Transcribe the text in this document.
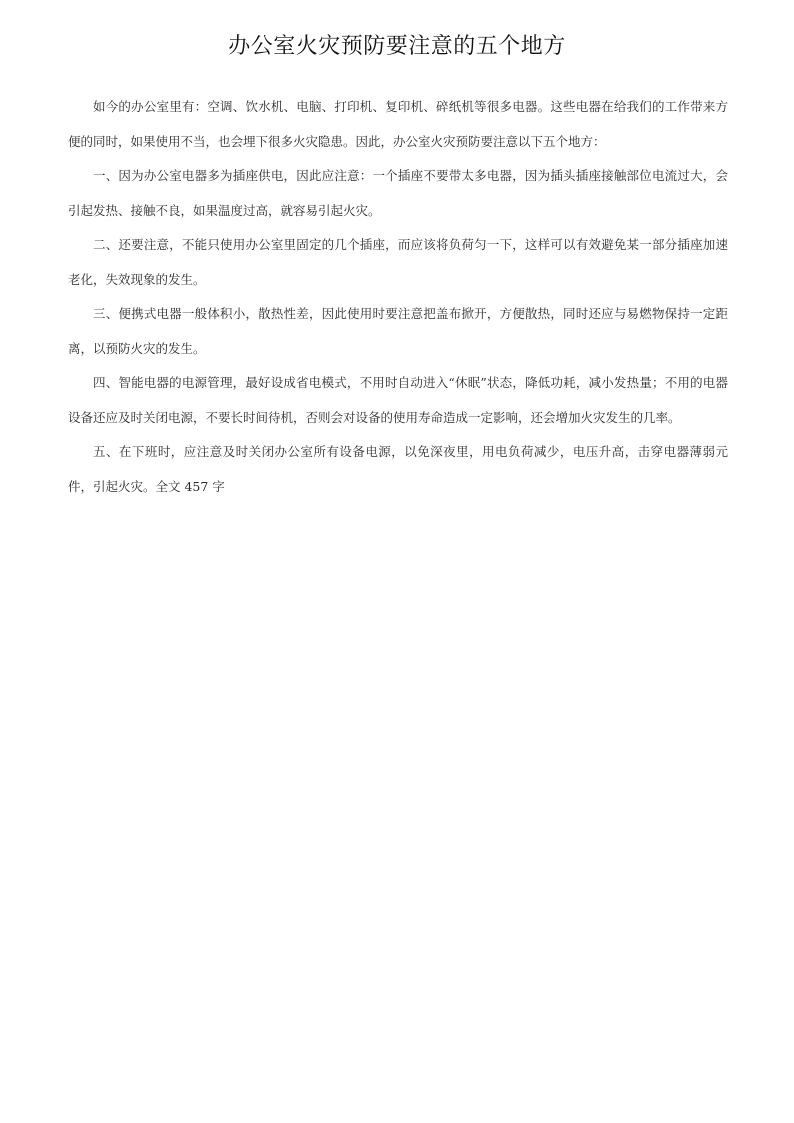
办公室火灾预防要注意的五个地方

如今的办公室里有：空调、饮水机、电脑、打印机、复印机、碎纸机等很多电器。这些电器在给我们的工作带来方便的同时，如果使用不当，也会埋下很多火灾隐患。因此，办公室火灾预防要注意以下五个地方：

一、因为办公室电器多为插座供电，因此应注意：一个插座不要带太多电器，因为插头插座接触部位电流过大，会引起发热、接触不良，如果温度过高，就容易引起火灾。

二、还要注意，不能只使用办公室里固定的几个插座，而应该将负荷匀一下，这样可以有效避免某一部分插座加速老化，失效现象的发生。

三、便携式电器一般体积小，散热性差，因此使用时要注意把盖布掀开，方便散热，同时还应与易燃物保持一定距离，以预防火灾的发生。

四、智能电器的电源管理，最好设成省电模式，不用时自动进入“休眠”状态，降低功耗，减小发热量；不用的电器设备还应及时关闭电源，不要长时间待机，否则会对设备的使用寿命造成一定影响，还会增加火灾发生的几率。

五、在下班时，应注意及时关闭办公室所有设备电源，以免深夜里，用电负荷减少，电压升高，击穿电器薄弱元件，引起火灾。全文 457 字
